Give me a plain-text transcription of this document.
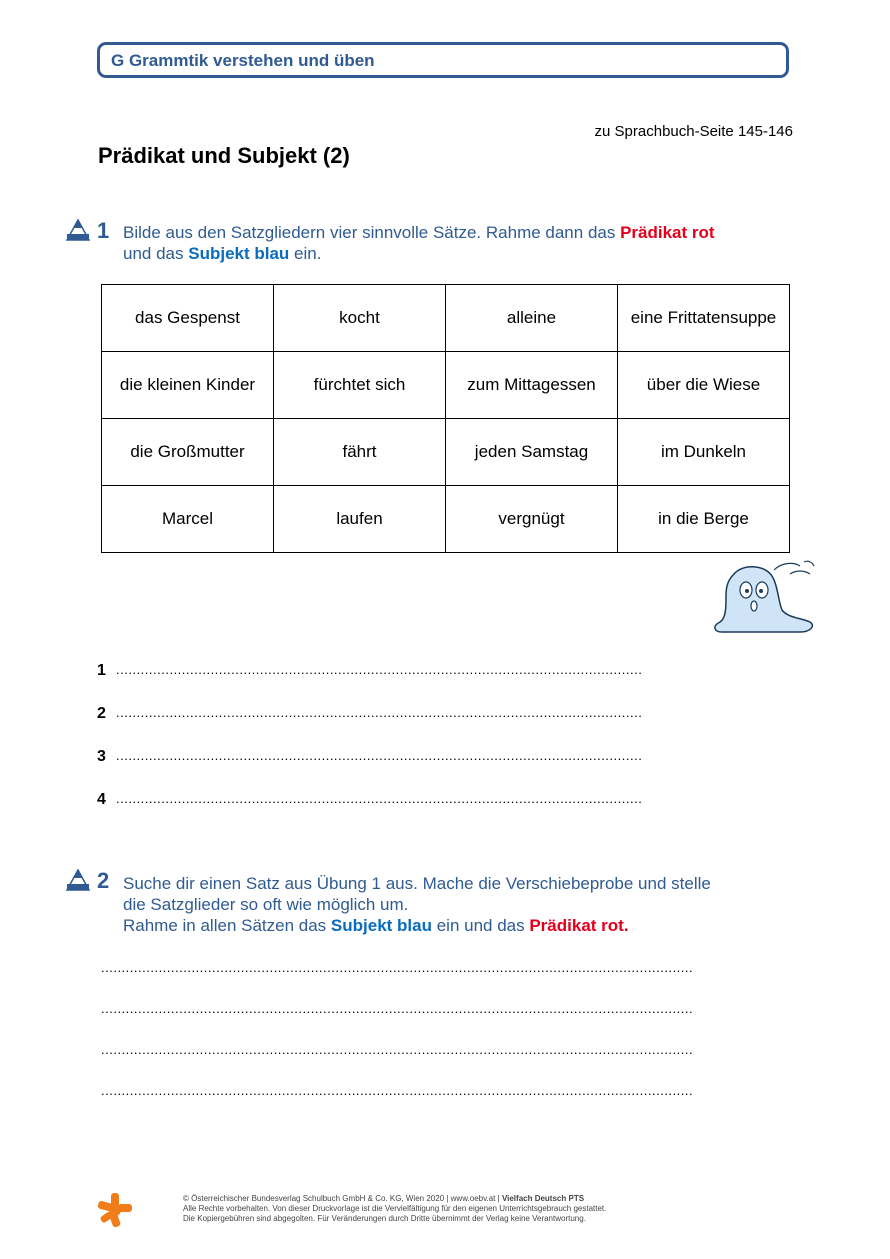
G Grammtik verstehen und üben
zu Sprachbuch-Seite 145-146
Prädikat und Subjekt (2)
1 Bilde aus den Satzgliedern vier sinnvolle Sätze. Rahme dann das Prädikat rot
und das Subjekt blau ein.
das Gespenst	kocht	alleine	eine Frittatensuppe
die kleinen Kinder	fürchtet sich	zum Mittagessen	über die Wiese
die Großmutter	fährt	jeden Samstag	im Dunkeln
Marcel	laufen	vergnügt	in die Berge
1 ................................................................................................................................
2 ................................................................................................................................
3 ................................................................................................................................
4 ................................................................................................................................
2 Suche dir einen Satz aus Übung 1 aus. Mache die Verschiebeprobe und stelle
die Satzglieder so oft wie möglich um.
Rahme in allen Sätzen das Subjekt blau ein und das Prädikat rot.
................................................................................................................................................
................................................................................................................................................
................................................................................................................................................
................................................................................................................................................
© Österreichischer Bundesverlag Schulbuch GmbH & Co. KG, Wien 2020 | www.oebv.at | Vielfach Deutsch PTS
Alle Rechte vorbehalten. Von dieser Druckvorlage ist die Vervielfältigung für den eigenen Unterrichtsgebrauch gestattet.
Die Kopiergebühren sind abgegolten. Für Veränderungen durch Dritte übernimmt der Verlag keine Verantwortung.
